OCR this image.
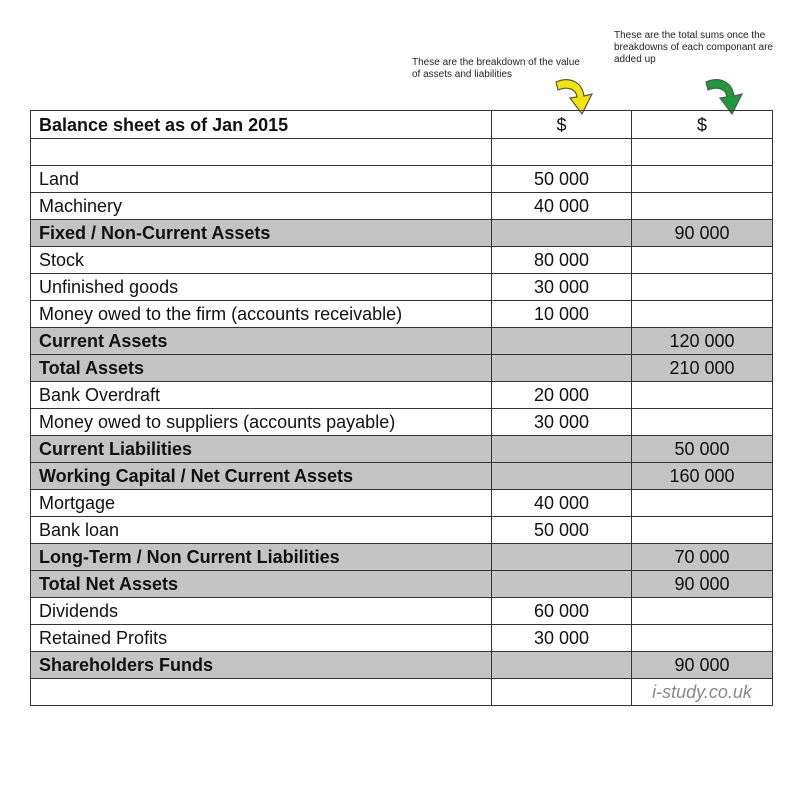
These are the breakdown of the value of assets and liabilities
These are the total sums once the breakdowns of each componant are added up
Balance sheet as of Jan 2015	$	$

Land	50 000	
Machinery	40 000	
Fixed / Non-Current Assets		90 000
Stock	80 000	
Unfinished goods	30 000	
Money owed to the firm (accounts receivable)	10 000	
Current Assets		120 000
Total Assets		210 000
Bank Overdraft	20 000	
Money owed to suppliers (accounts payable)	30 000	
Current Liabilities		50 000
Working Capital / Net Current Assets		160 000
Mortgage	40 000	
Bank loan	50 000	
Long-Term / Non Current Liabilities		70 000
Total Net Assets		90 000
Dividends	60 000	
Retained Profits	30 000	
Shareholders Funds		90 000
		i-study.co.uk
